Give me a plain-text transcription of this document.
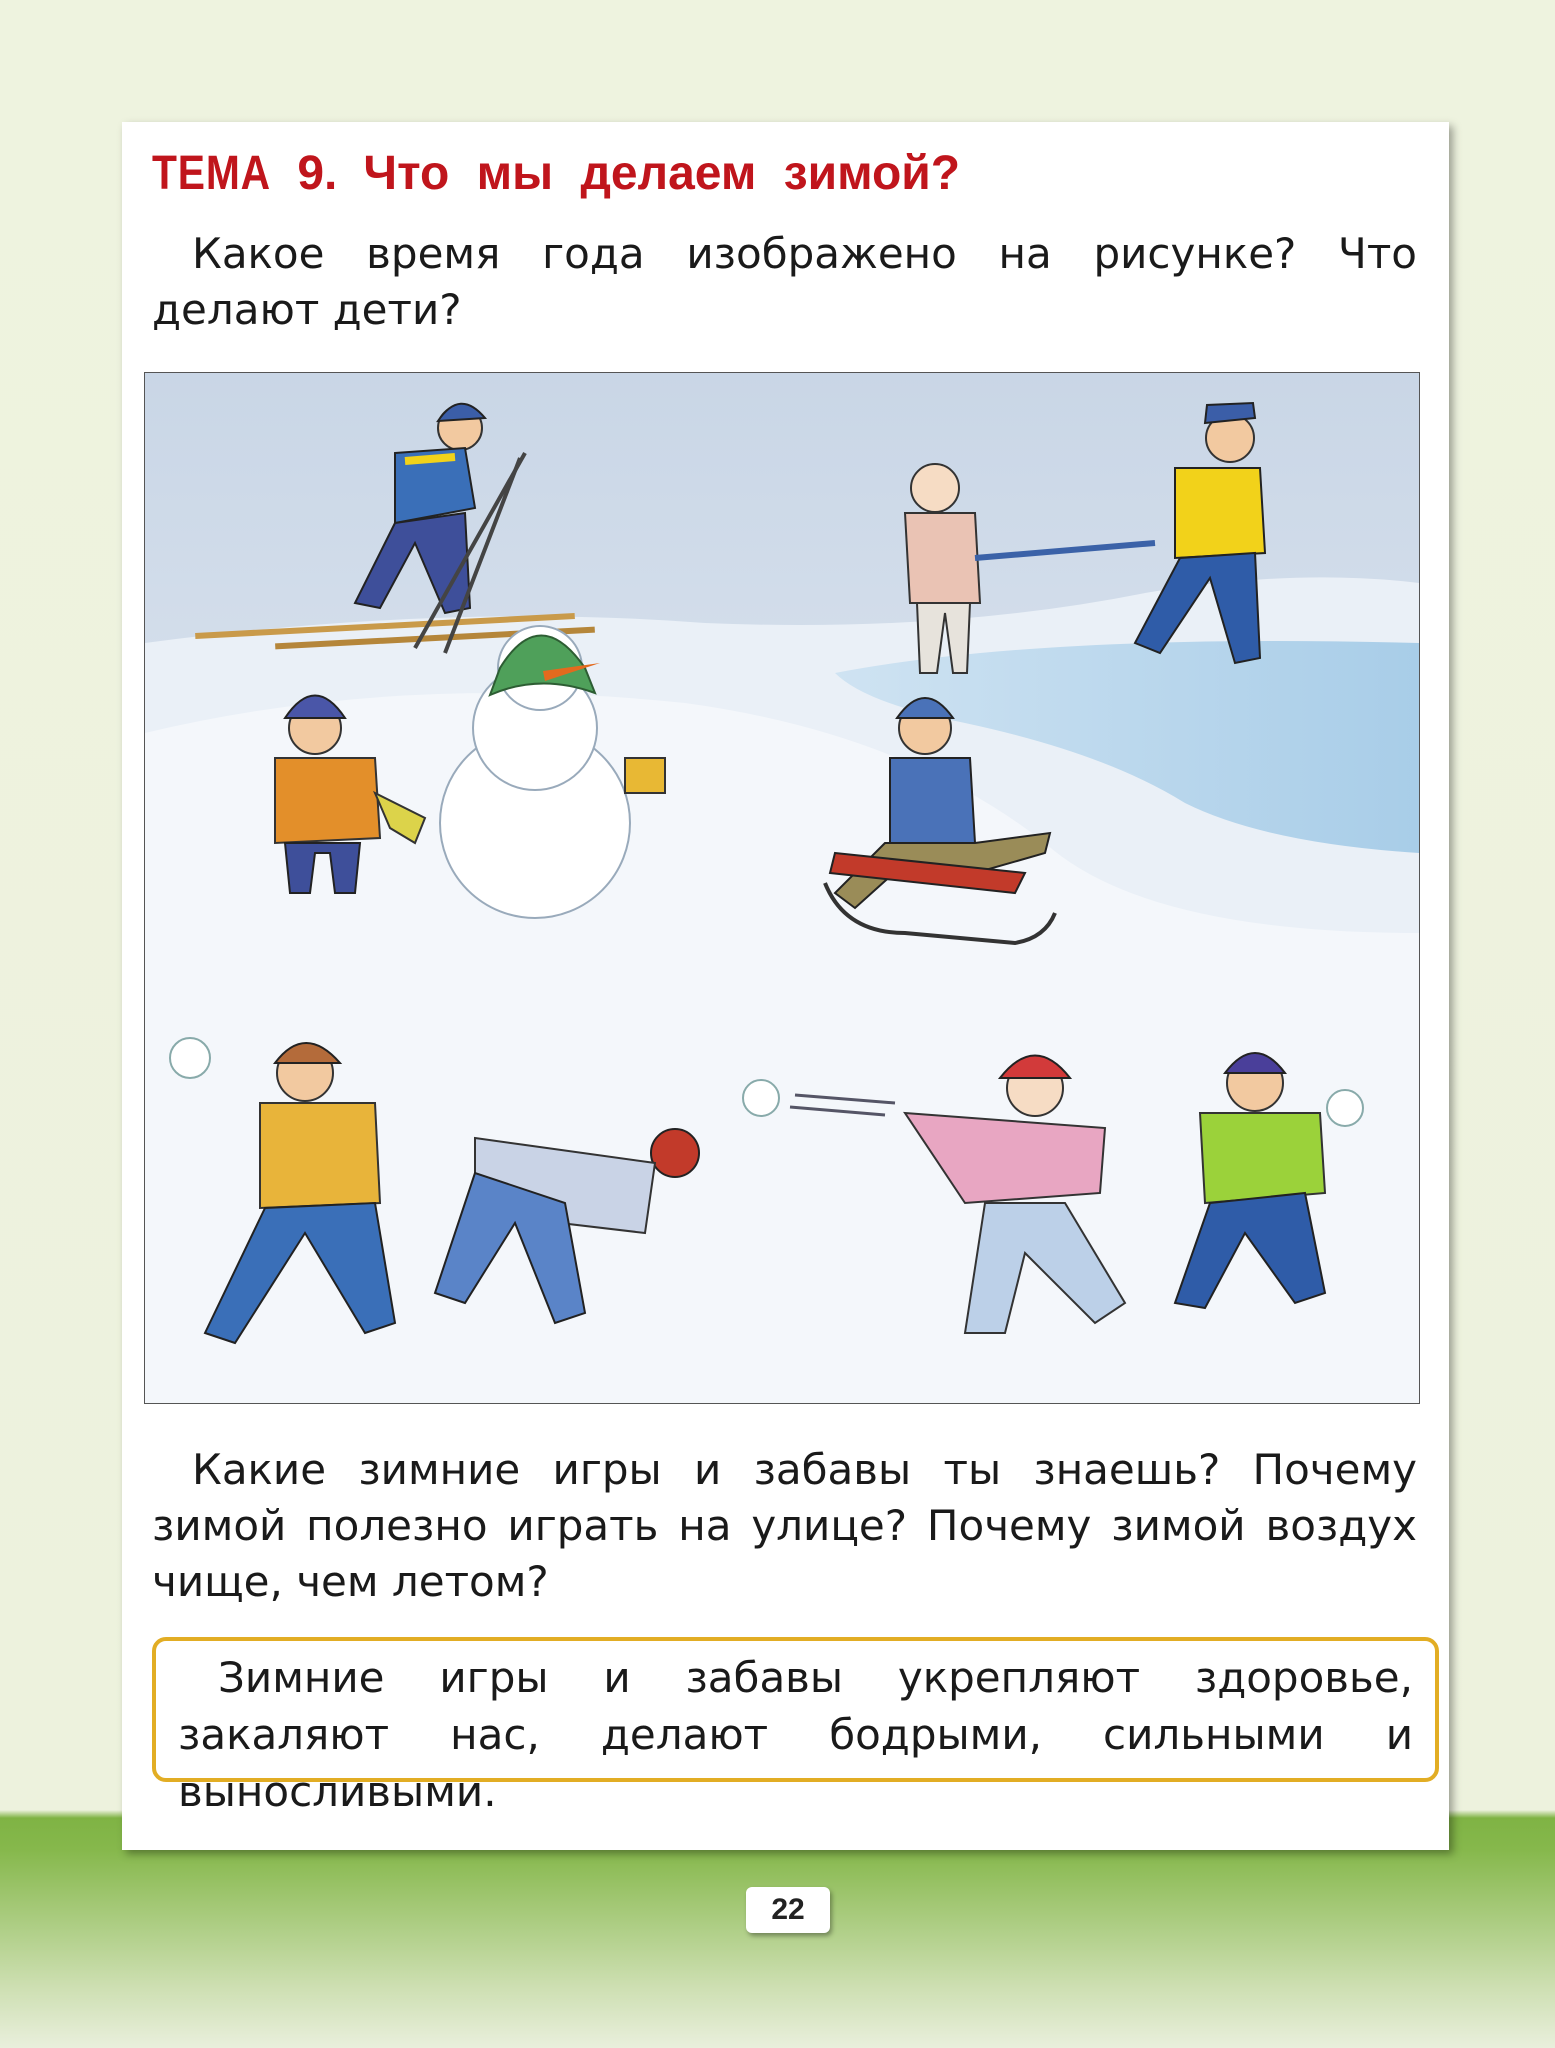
ТЕМА 9. Что мы делаем зимой?

Какое время года изображено на рисунке? Что делают дети?

Какие зимние игры и забавы ты знаешь? Почему зимой полезно играть на улице? Почему зимой воздух чище, чем летом?

Зимние игры и забавы укрепляют здоровье, закаляют нас, делают бодрыми, сильными и выносливыми.

22
